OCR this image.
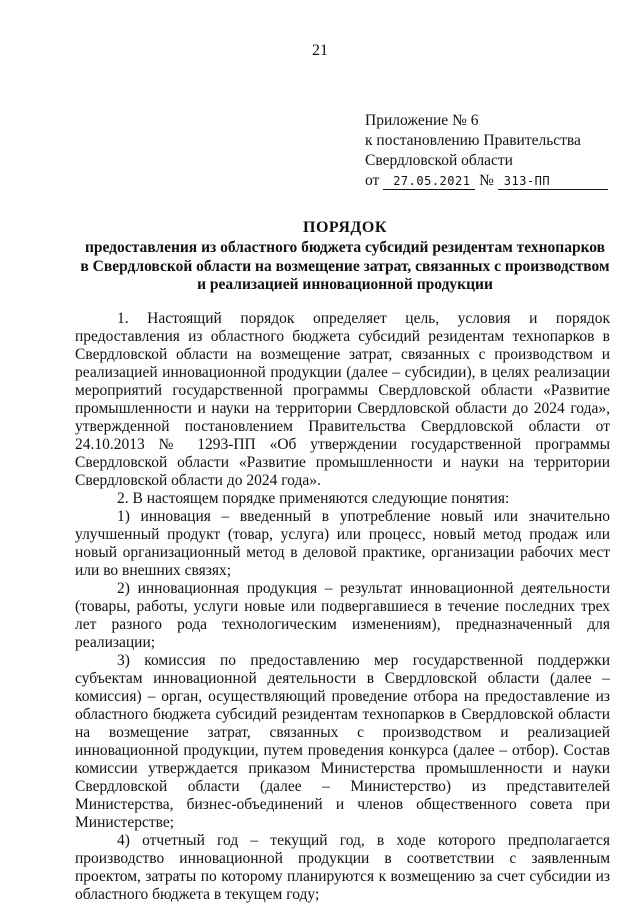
21
Приложение № 6
к постановлению Правительства
Свердловской области
от 27.05.2021 № 313-ПП
ПОРЯДОК
предоставления из областного бюджета субсидий резидентам технопарков
в Свердловской области на возмещение затрат, связанных с производством
и реализацией инновационной продукции

1. Настоящий порядок определяет цель, условия и порядок предоставления из областного бюджета субсидий резидентам технопарков в Свердловской области на возмещение затрат, связанных с производством и реализацией инновационной продукции (далее – субсидии), в целях реализации мероприятий государственной программы Свердловской области «Развитие промышленности и науки на территории Свердловской области до 2024 года», утвержденной постановлением Правительства Свердловской области от 24.10.2013 № 1293-ПП «Об утверждении государственной программы Свердловской области «Развитие промышленности и науки на территории Свердловской области до 2024 года».

2. В настоящем порядке применяются следующие понятия:

1) инновация – введенный в употребление новый или значительно улучшенный продукт (товар, услуга) или процесс, новый метод продаж или новый организационный метод в деловой практике, организации рабочих мест или во внешних связях;

2) инновационная продукция – результат инновационной деятельности (товары, работы, услуги новые или подвергавшиеся в течение последних трех лет разного рода технологическим изменениям), предназначенный для реализации;

3) комиссия по предоставлению мер государственной поддержки субъектам инновационной деятельности в Свердловской области (далее – комиссия) – орган, осуществляющий проведение отбора на предоставление из областного бюджета субсидий резидентам технопарков в Свердловской области на возмещение затрат, связанных с производством и реализацией инновационной продукции, путем проведения конкурса (далее – отбор). Состав комиссии утверждается приказом Министерства промышленности и науки Свердловской области (далее – Министерство) из представителей Министерства, бизнес-объединений и членов общественного совета при Министерстве;

4) отчетный год – текущий год, в ходе которого предполагается производство инновационной продукции в соответствии с заявленным проектом, затраты по которому планируются к возмещению за счет субсидии из областного бюджета в текущем году;
